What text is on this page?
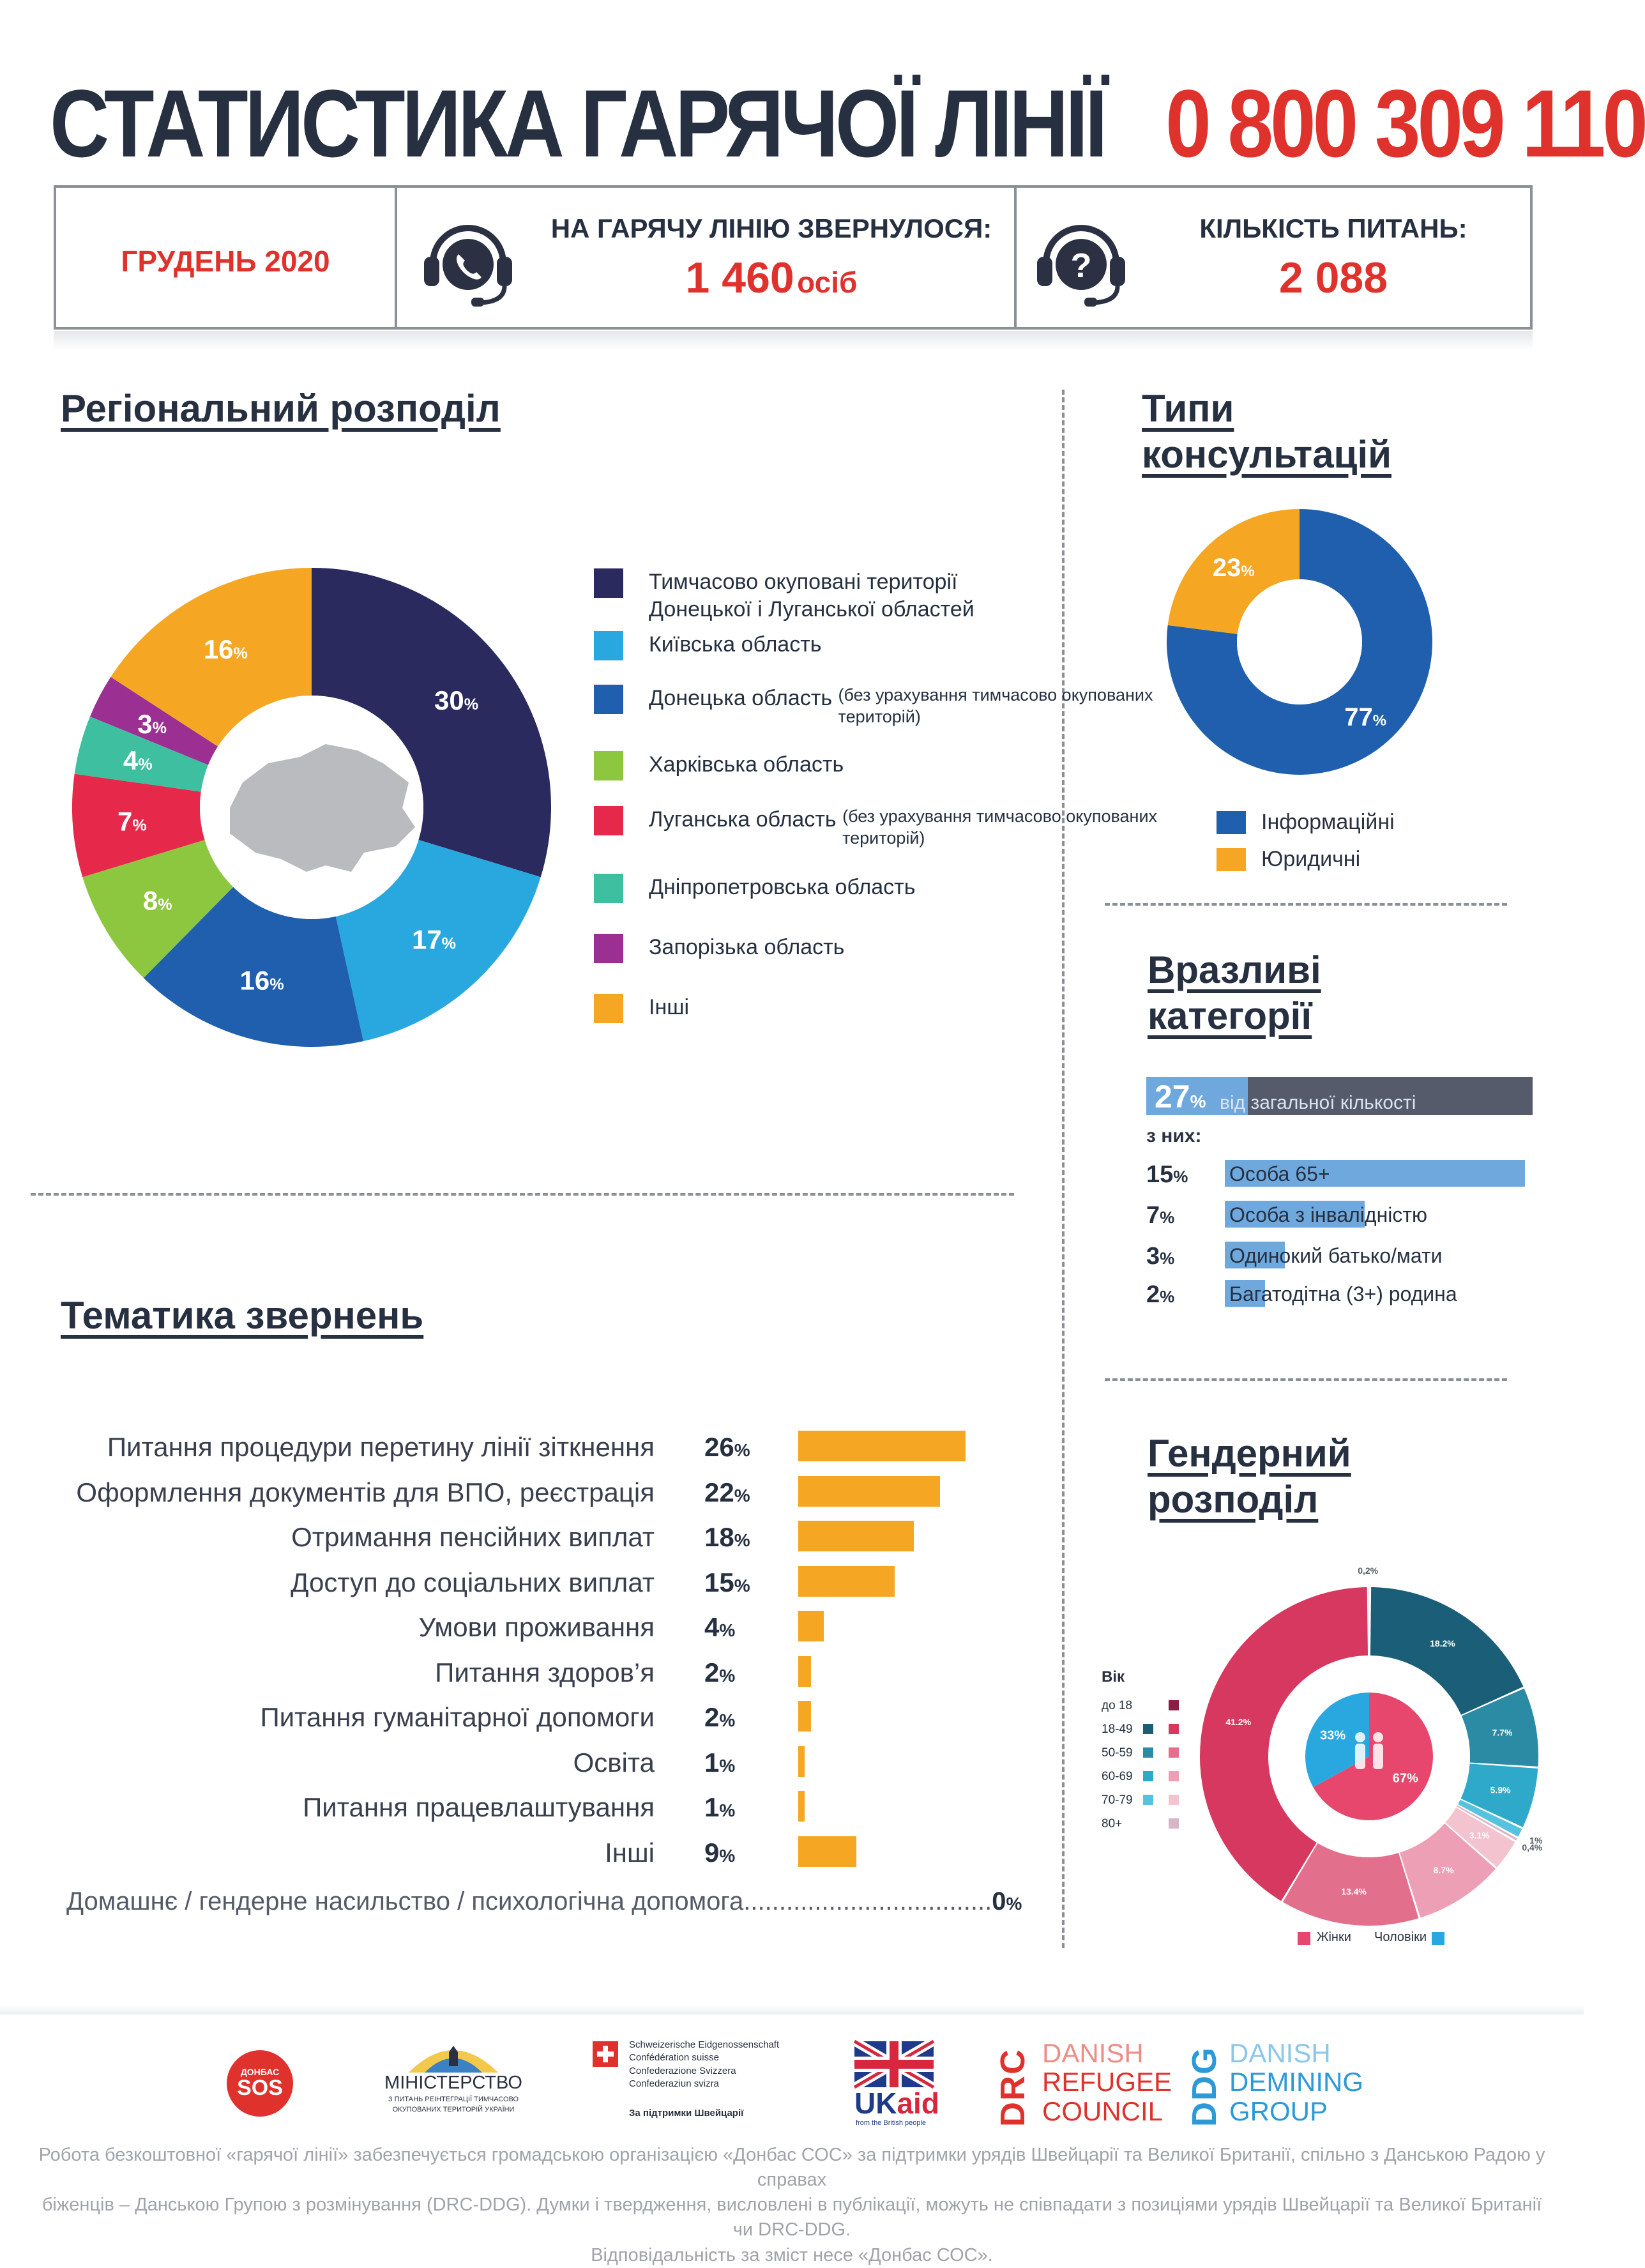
СТАТИСТИКА ГАРЯЧОЇ ЛІНІЇ 0 800 309 110
ГРУДЕНЬ 2020
НА ГАРЯЧУ ЛІНІЮ ЗВЕРНУЛОСЯ:
1 460 осіб	?
КІЛЬКІСТЬ ПИТАНЬ:
2 088
Регіональний розподіл	Типи
консультацій
Вразливі
категорії
Тематика звернень
Гендерний
розподіл
30%
17%
16%
8%
7%
4%
3%
16%
Тимчасово окуповані території Донецької і Луганської областей
Київська область
Донецька область (без урахування тимчасово окупованих територій)
Харківська область
Луганська область (без урахування тимчасово окупованих територій)
Дніпропетровська область
Запорізька область
Інші
77%
23%
Інформаційні
Юридичні
27% від загальної кількості
з них:
15% Особа 65+
7%	Особа з інвалідністю
3%	Одинокий батько/мати
2%	Багатодітна (3+) родина
Питання процедури перетину лінії зіткнення 26%
Оформлення документів для ВПО, реєстрація 22%
Отримання пенсійних виплат 18%
Доступ до соціальних виплат 15%
Умови проживання 4%
Питання здоров’я 2%
Питання гуманітарної допомоги 2%
Освіта 1%
Питання працевлаштування 1%
Інші 9%
Домашнє / гендерне насильство / психологічна допомога...................................0%
18.2%
7.7%
5.9%
1%
0,4%
3.1%
8.7%
13.4%
41.2%
0,2%
67%
33%
Вік
до 18
18-49
50-59
60-69
70-79
80+
Жінки Чоловіки
ДОНБАС
SOS	МІНІСТЕРСТВО
З ПИТАНЬ РЕІНТЕГРАЦІЇ ТИМЧАСОВО
ОКУПОВАНИХ ТЕРИТОРІЙ УКРАЇНИ
Schweizerische Eidgenossenschaft
Confédération suisse
Confederazione Svizzera
Confederaziun svizra
За підтримки Швейцарії	UKaid
from the British people DRC DANISH
REFUGEE
COUNCIL DDG DANISH
DEMINING
GROUP
Робота безкоштовної «гарячої лінії» забезпечується громадською організацією «Донбас СОС» за підтримки урядів Швейцарії та Великої Британії, спільно з Данською Радою у справах
біженців – Данською Групою з розмінування (DRC-DDG). Думки і твердження, висловлені в публікації, можуть не співпадати з позиціями урядів Швейцарії та Великої Британії чи DRC-DDG.
Відповідальність за зміст несе «Донбас СОС».
